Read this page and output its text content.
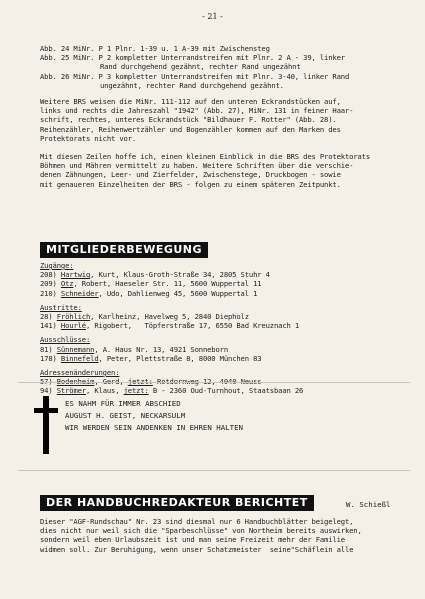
- 21 -
Abb. 24 MiNr. P 1 Plnr. 1-39 u. 1 A-39 mit Zwischensteg
Abb. 25 MiNr. P 2 kompletter Unterrandstreifen mit Plnr. 2 A - 39, linker
Rand durchgehend gezähnt, rechter Rand ungezähnt
Abb. 26 MiNr. P 3 kompletter Unterrandstreifen mit Plnr. 3-40, linker Rand
ungezähnt, rechter Rand durchgehend gezähnt.
Weitere BRS weisen die MiNr. 111-112 auf den unteren Eckrandstücken auf,
links und rechts die Jahreszahl "1942" (Abb. 27), MiNr. 131 in feiner Haar-
schrift, rechtes, unteres Eckrandstück "Bildhauer F. Rotter" (Abb. 28).
Reihenzähler, Reihenwertzähler und Bogenzähler kommen auf den Marken des
Protektorats nicht vor.
Mit diesen Zeilen hoffe ich, einen kleinen Einblick in die BRS des Protektorats
Böhmen und Mähren vermittelt zu haben. Weitere Schriften über die verschie-
denen Zähnungen, Leer- und Zierfelder, Zwischenstege, Druckbogen - sowie
mit genaueren Einzelheiten der BRS - folgen zu einem späteren Zeitpunkt.
MITGLIEDERBEWEGUNG
Zugänge:
208) Hartwig, Kurt, Klaus-Groth-Straße 34, 2805 Stuhr 4
209) Otz, Robert, Haeseler Str. 11, 5600 Wuppertal 11
210) Schneider, Udo, Dahlienweg 45, 5600 Wuppertal 1
Austritte:
28) Fröhlich, Karlheinz, Havelweg 5, 2840 Diepholz
141) Hourlé, Rigobert,   Töpferstraße 17, 6550 Bad Kreuznach 1
Ausschlüsse:
81) Sünnemann, A. Haus Nr. 13, 4921 Sonneborn
178) Binnefeld, Peter, Plettstraße 8, 8000 München 83
Adressenänderungen:

94) Strömer, Klaus, jetzt: B - 2360 Oud-Turnhout, Staatsbaan 26
ES NAHM FÜR IMMER ABSCHIED
AUGUST H. GEIST, NECKARSULM
WIR WERDEN SEIN ANDENKEN IN EHREN HALTEN
DER HANDBUCHREDAKTEUR BERICHTET	W. Schießl
Dieser "AGF-Rundschau" Nr. 23 sind diesmal nur 6 Handbuchblätter beigelegt,
dies nicht nur weil sich die "Sparbeschlüsse" von Northeim bereits auswirken,
sondern weil eben Urlaubszeit ist und man seine Freizeit mehr der Familie
widmen soll. Zur Beruhigung, wenn unser Schatzmeister  seine"Schäflein alle
